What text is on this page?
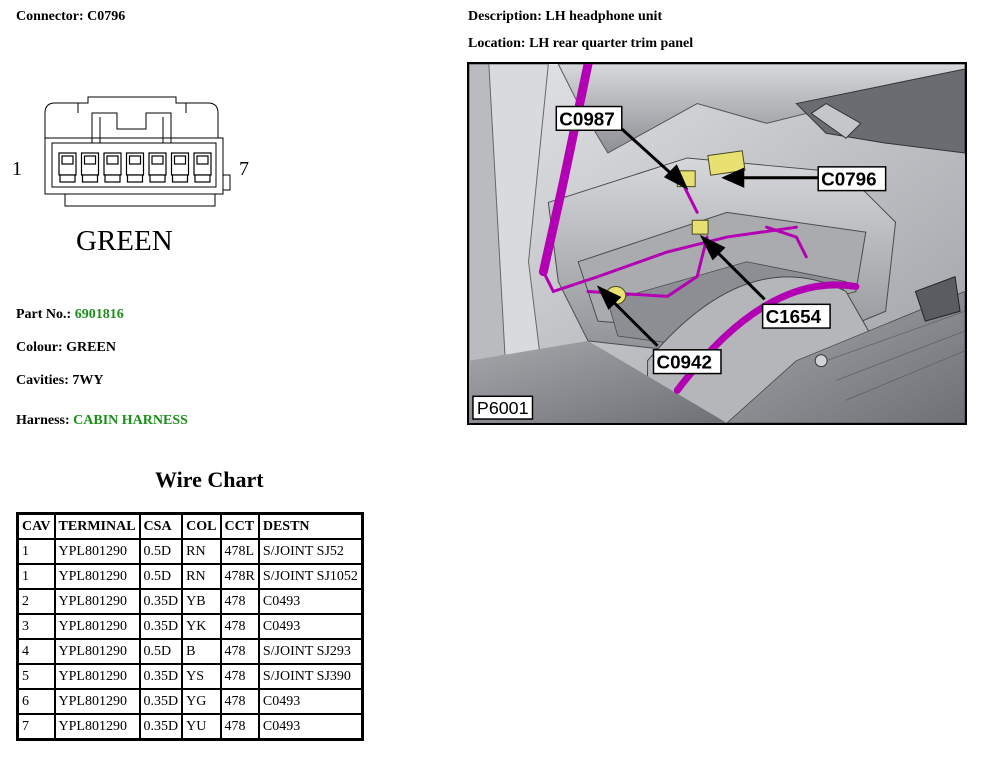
Connector: C0796	Description: LH headphone unit
Location: LH rear quarter trim panel
1	7
GREEN
Part No.: 6901816
Colour: GREEN
Cavities: 7WY
Harness: CABIN HARNESS
Wire Chart
CAV	TERMINAL	CSA	COL	CCT	DESTN
1	YPL801290	0.5D	RN	478L	S/JOINT SJ52
1	YPL801290	0.5D	RN	478R	S/JOINT SJ1052
2	YPL801290	0.35D	YB	478	C0493
3	YPL801290	0.35D	YK	478	C0493
4	YPL801290	0.5D	B	478	S/JOINT SJ293
5	YPL801290	0.35D	YS	478	S/JOINT SJ390
6	YPL801290	0.35D	YG	478	C0493
7	YPL801290	0.35D	YU	478	C0493
C0987
C0796
C1654
C0942
P6001
